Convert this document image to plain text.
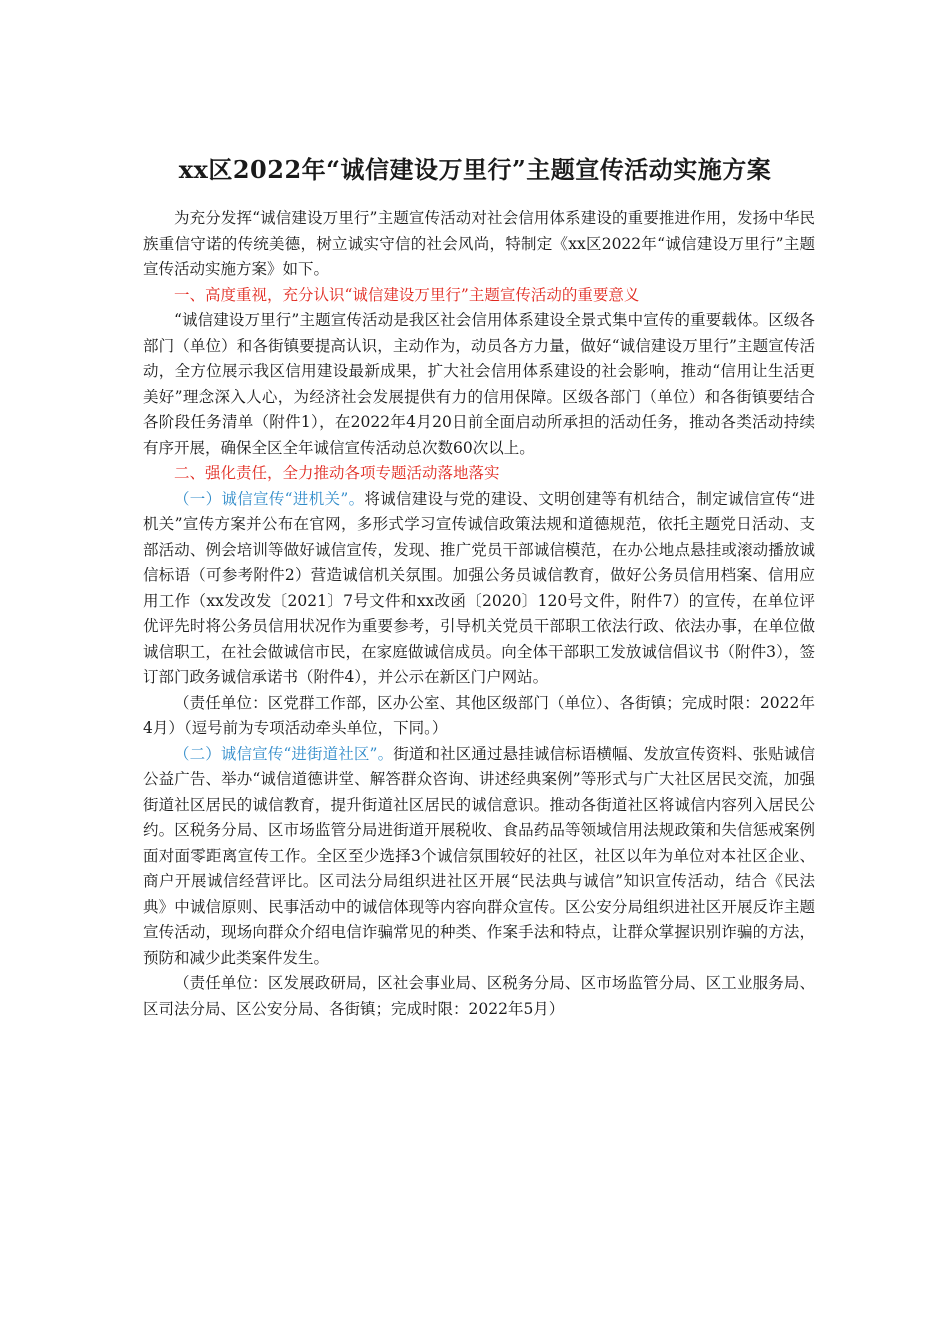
xx区2022年“诚信建设万里行”主题宣传活动实施方案

为充分发挥“诚信建设万里行”主题宣传活动对社会信用体系建设的重要推进作用，发扬中华民族重信守诺的传统美德，树立诚实守信的社会风尚，特制定《xx区2022年“诚信建设万里行”主题宣传活动实施方案》如下。

一、高度重视，充分认识“诚信建设万里行”主题宣传活动的重要意义

“诚信建设万里行”主题宣传活动是我区社会信用体系建设全景式集中宣传的重要载体。区级各部门（单位）和各街镇要提高认识，主动作为，动员各方力量，做好“诚信建设万里行”主题宣传活动，全方位展示我区信用建设最新成果，扩大社会信用体系建设的社会影响，推动“信用让生活更美好”理念深入人心，为经济社会发展提供有力的信用保障。区级各部门（单位）和各街镇要结合各阶段任务清单（附件1），在2022年4月20日前全面启动所承担的活动任务，推动各类活动持续有序开展，确保全区全年诚信宣传活动总次数60次以上。

二、强化责任，全力推动各项专题活动落地落实

（一）诚信宣传“进机关”。将诚信建设与党的建设、文明创建等有机结合，制定诚信宣传“进机关”宣传方案并公布在官网，多形式学习宣传诚信政策法规和道德规范，依托主题党日活动、支部活动、例会培训等做好诚信宣传，发现、推广党员干部诚信模范，在办公地点悬挂或滚动播放诚信标语（可参考附件2）营造诚信机关氛围。加强公务员诚信教育，做好公务员信用档案、信用应用工作（xx发改发〔2021〕7号文件和xx改函〔2020〕120号文件，附件7）的宣传，在单位评优评先时将公务员信用状况作为重要参考，引导机关党员干部职工依法行政、依法办事，在单位做诚信职工，在社会做诚信市民，在家庭做诚信成员。向全体干部职工发放诚信倡议书（附件3），签订部门政务诚信承诺书（附件4），并公示在新区门户网站。

（责任单位：区党群工作部，区办公室、其他区级部门（单位）、各街镇；完成时限：2022年4月）（逗号前为专项活动牵头单位，下同。）

（二）诚信宣传“进街道社区”。街道和社区通过悬挂诚信标语横幅、发放宣传资料、张贴诚信公益广告、举办“诚信道德讲堂、解答群众咨询、讲述经典案例”等形式与广大社区居民交流，加强街道社区居民的诚信教育，提升街道社区居民的诚信意识。推动各街道社区将诚信内容列入居民公约。区税务分局、区市场监管分局进街道开展税收、食品药品等领域信用法规政策和失信惩戒案例面对面零距离宣传工作。全区至少选择3个诚信氛围较好的社区，社区以年为单位对本社区企业、商户开展诚信经营评比。区司法分局组织进社区开展“民法典与诚信”知识宣传活动，结合《民法典》中诚信原则、民事活动中的诚信体现等内容向群众宣传。区公安分局组织进社区开展反诈主题宣传活动，现场向群众介绍电信诈骗常见的种类、作案手法和特点，让群众掌握识别诈骗的方法，预防和减少此类案件发生。

（责任单位：区发展政研局，区社会事业局、区税务分局、区市场监管分局、区工业服务局、区司法分局、区公安分局、各街镇；完成时限：2022年5月）
